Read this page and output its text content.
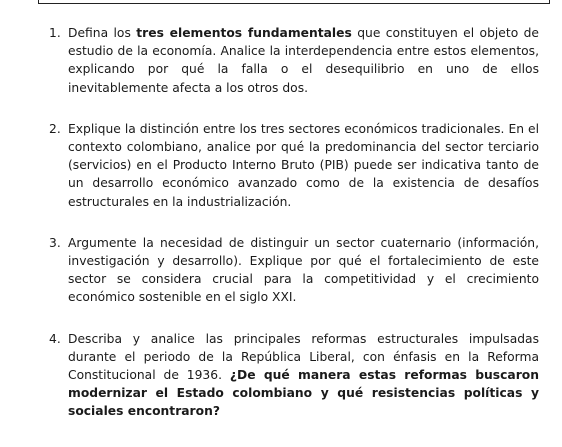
1. Defina los tres elementos fundamentales que constituyen el objeto de estudio de la economía. Analice la interdependencia entre estos elementos, explicando por qué la falla o el desequilibrio en uno de ellos inevitablemente afecta a los otros dos.
2. Explique la distinción entre los tres sectores económicos tradicionales. En el contexto colombiano, analice por qué la predominancia del sector terciario (servicios) en el Producto Interno Bruto (PIB) puede ser indicativa tanto de un desarrollo económico avanzado como de la existencia de desafíos estructurales en la industrialización.
3. Argumente la necesidad de distinguir un sector cuaternario (información, investigación y desarrollo). Explique por qué el fortalecimiento de este sector se considera crucial para la competitividad y el crecimiento económico sostenible en el siglo XXI.
4. Describa y analice las principales reformas estructurales impulsadas durante el periodo de la República Liberal, con énfasis en la Reforma Constitucional de 1936. ¿De qué manera estas reformas buscaron modernizar el Estado colombiano y qué resistencias políticas y sociales encontraron?
